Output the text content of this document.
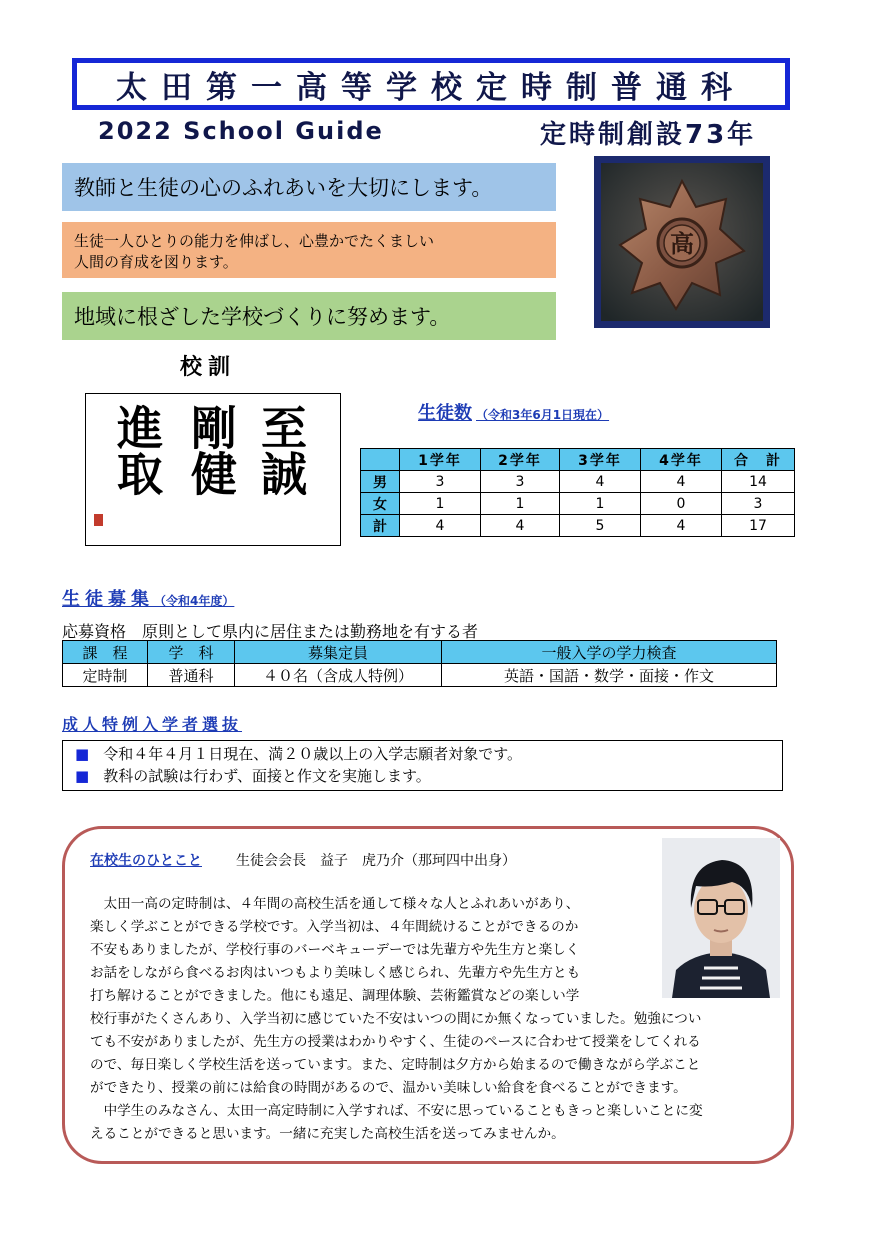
太田第一高等学校定時制普通科
2022 School Guide	定時制創設73年
教師と生徒の心のふれあいを大切にします。
生徒一人ひとりの能力を伸ばし、心豊かでたくましい
人間の育成を図ります。
地域に根ざした学校づくりに努めます。
高
校訓
至誠
剛健
進取	生徒数 （令和3年6月1日現在）
	1学年	2学年	3学年	4学年	合　計
男	3	3	4	4	14
女	1	1	1	0	3
計	4	4	5	4	17
生徒募集（令和4年度）
応募資格　原則として県内に居住または勤務地を有する者
課　程	学　科	募集定員	一般入学の学力検査
定時制	普通科	４０名（含成人特例）	英語・国語・数学・面接・作文
成人特例入学者選抜
■ 令和４年４月１日現在、満２０歳以上の入学志願者対象です。
■ 教科の試験は行わず、面接と作文を実施します。
在校生のひとこと 生徒会会長　益子　虎乃介（那珂四中出身）

　太田一高の定時制は、４年間の高校生活を通して様々な人とふれあいがあり、

楽しく学ぶことができる学校です。入学当初は、４年間続けることができるのか

不安もありましたが、学校行事のバーベキューデーでは先輩方や先生方と楽しく

お話をしながら食べるお肉はいつもより美味しく感じられ、先輩方や先生方とも

打ち解けることができました。他にも遠足、調理体験、芸術鑑賞などの楽しい学

校行事がたくさんあり、入学当初に感じていた不安はいつの間にか無くなっていました。勉強につい

ても不安がありましたが、先生方の授業はわかりやすく、生徒のペースに合わせて授業をしてくれる

ので、毎日楽しく学校生活を送っています。また、定時制は夕方から始まるので働きながら学ぶこと

ができたり、授業の前には給食の時間があるので、温かい美味しい給食を食べることができます。

　中学生のみなさん、太田一高定時制に入学すれば、不安に思っていることもきっと楽しいことに変

えることができると思います。一緒に充実した高校生活を送ってみませんか。
